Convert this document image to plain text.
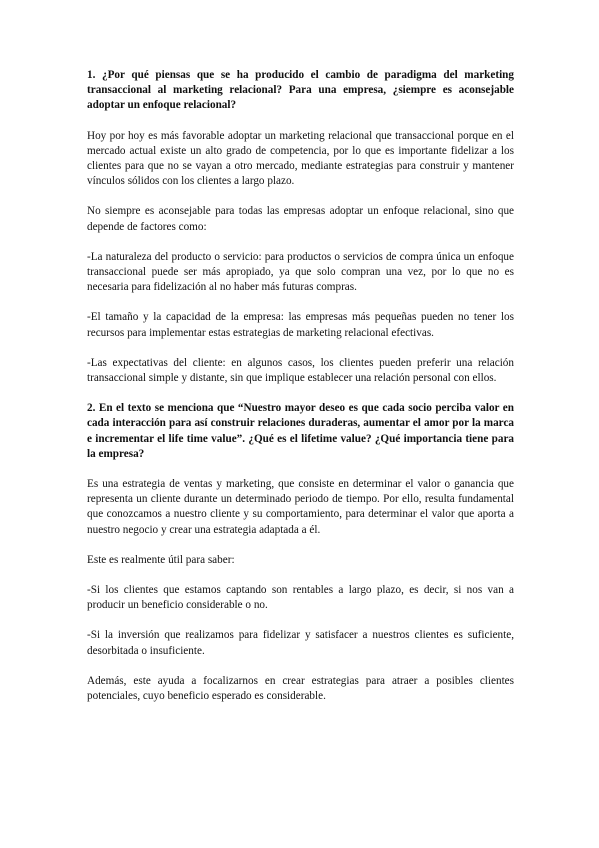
1. ¿Por qué piensas que se ha producido el cambio de paradigma del marketing transaccional al marketing relacional? Para una empresa, ¿siempre es aconsejable adoptar un enfoque relacional?

Hoy por hoy es más favorable adoptar un marketing relacional que transaccional porque en el mercado actual existe un alto grado de competencia, por lo que es importante fidelizar a los clientes para que no se vayan a otro mercado, mediante estrategias para construir y mantener vínculos sólidos con los clientes a largo plazo.

No siempre es aconsejable para todas las empresas adoptar un enfoque relacional, sino que depende de factores como:

-La naturaleza del producto o servicio: para productos o servicios de compra única un enfoque transaccional puede ser más apropiado, ya que solo compran una vez, por lo que no es necesaria para fidelización al no haber más futuras compras.

-El tamaño y la capacidad de la empresa: las empresas más pequeñas pueden no tener los recursos para implementar estas estrategias de marketing relacional efectivas.

-Las expectativas del cliente: en algunos casos, los clientes pueden preferir una relación transaccional simple y distante, sin que implique establecer una relación personal con ellos.

2. En el texto se menciona que “Nuestro mayor deseo es que cada socio perciba valor en cada interacción para así construir relaciones duraderas, aumentar el amor por la marca e incrementar el life time value”. ¿Qué es el lifetime value? ¿Qué importancia tiene para la empresa?

Es una estrategia de ventas y marketing, que consiste en determinar el valor o ganancia que representa un cliente durante un determinado periodo de tiempo. Por ello, resulta fundamental que conozcamos a nuestro cliente y su comportamiento, para determinar el valor que aporta a nuestro negocio y crear una estrategia adaptada a él.

Este es realmente útil para saber:

-Si los clientes que estamos captando son rentables a largo plazo, es decir, si nos van a producir un beneficio considerable o no.

-Si la inversión que realizamos para fidelizar y satisfacer a nuestros clientes es suficiente, desorbitada o insuficiente.

Además, este ayuda a focalizarnos en crear estrategias para atraer a posibles clientes potenciales, cuyo beneficio esperado es considerable.
